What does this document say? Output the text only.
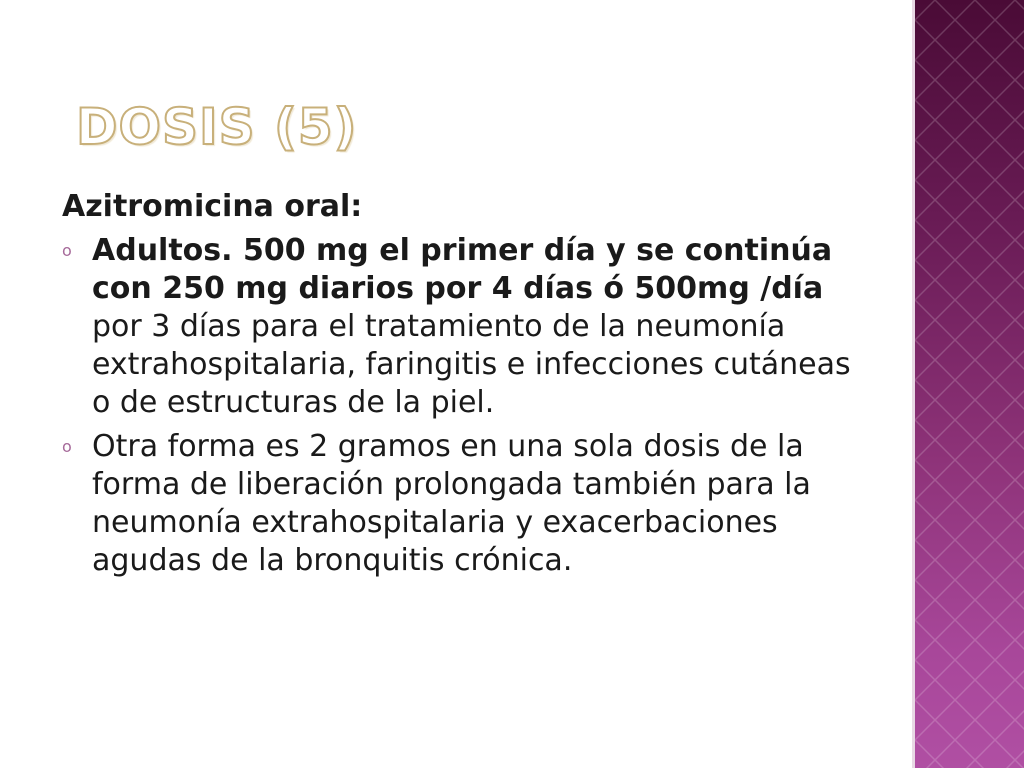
DOSIS (5)

Azitromicina oral:

o Adultos. 500 mg el primer día y se continúa con 250 mg diarios por 4 días ó 500mg /día por 3 días para el tratamiento de la neumonía extrahospitalaria, faringitis e infecciones cutáneas o de estructuras de la piel.
o Otra forma es 2 gramos en una sola dosis de la forma de liberación prolongada también para la neumonía extrahospitalaria y exacerbaciones agudas de la bronquitis crónica.
